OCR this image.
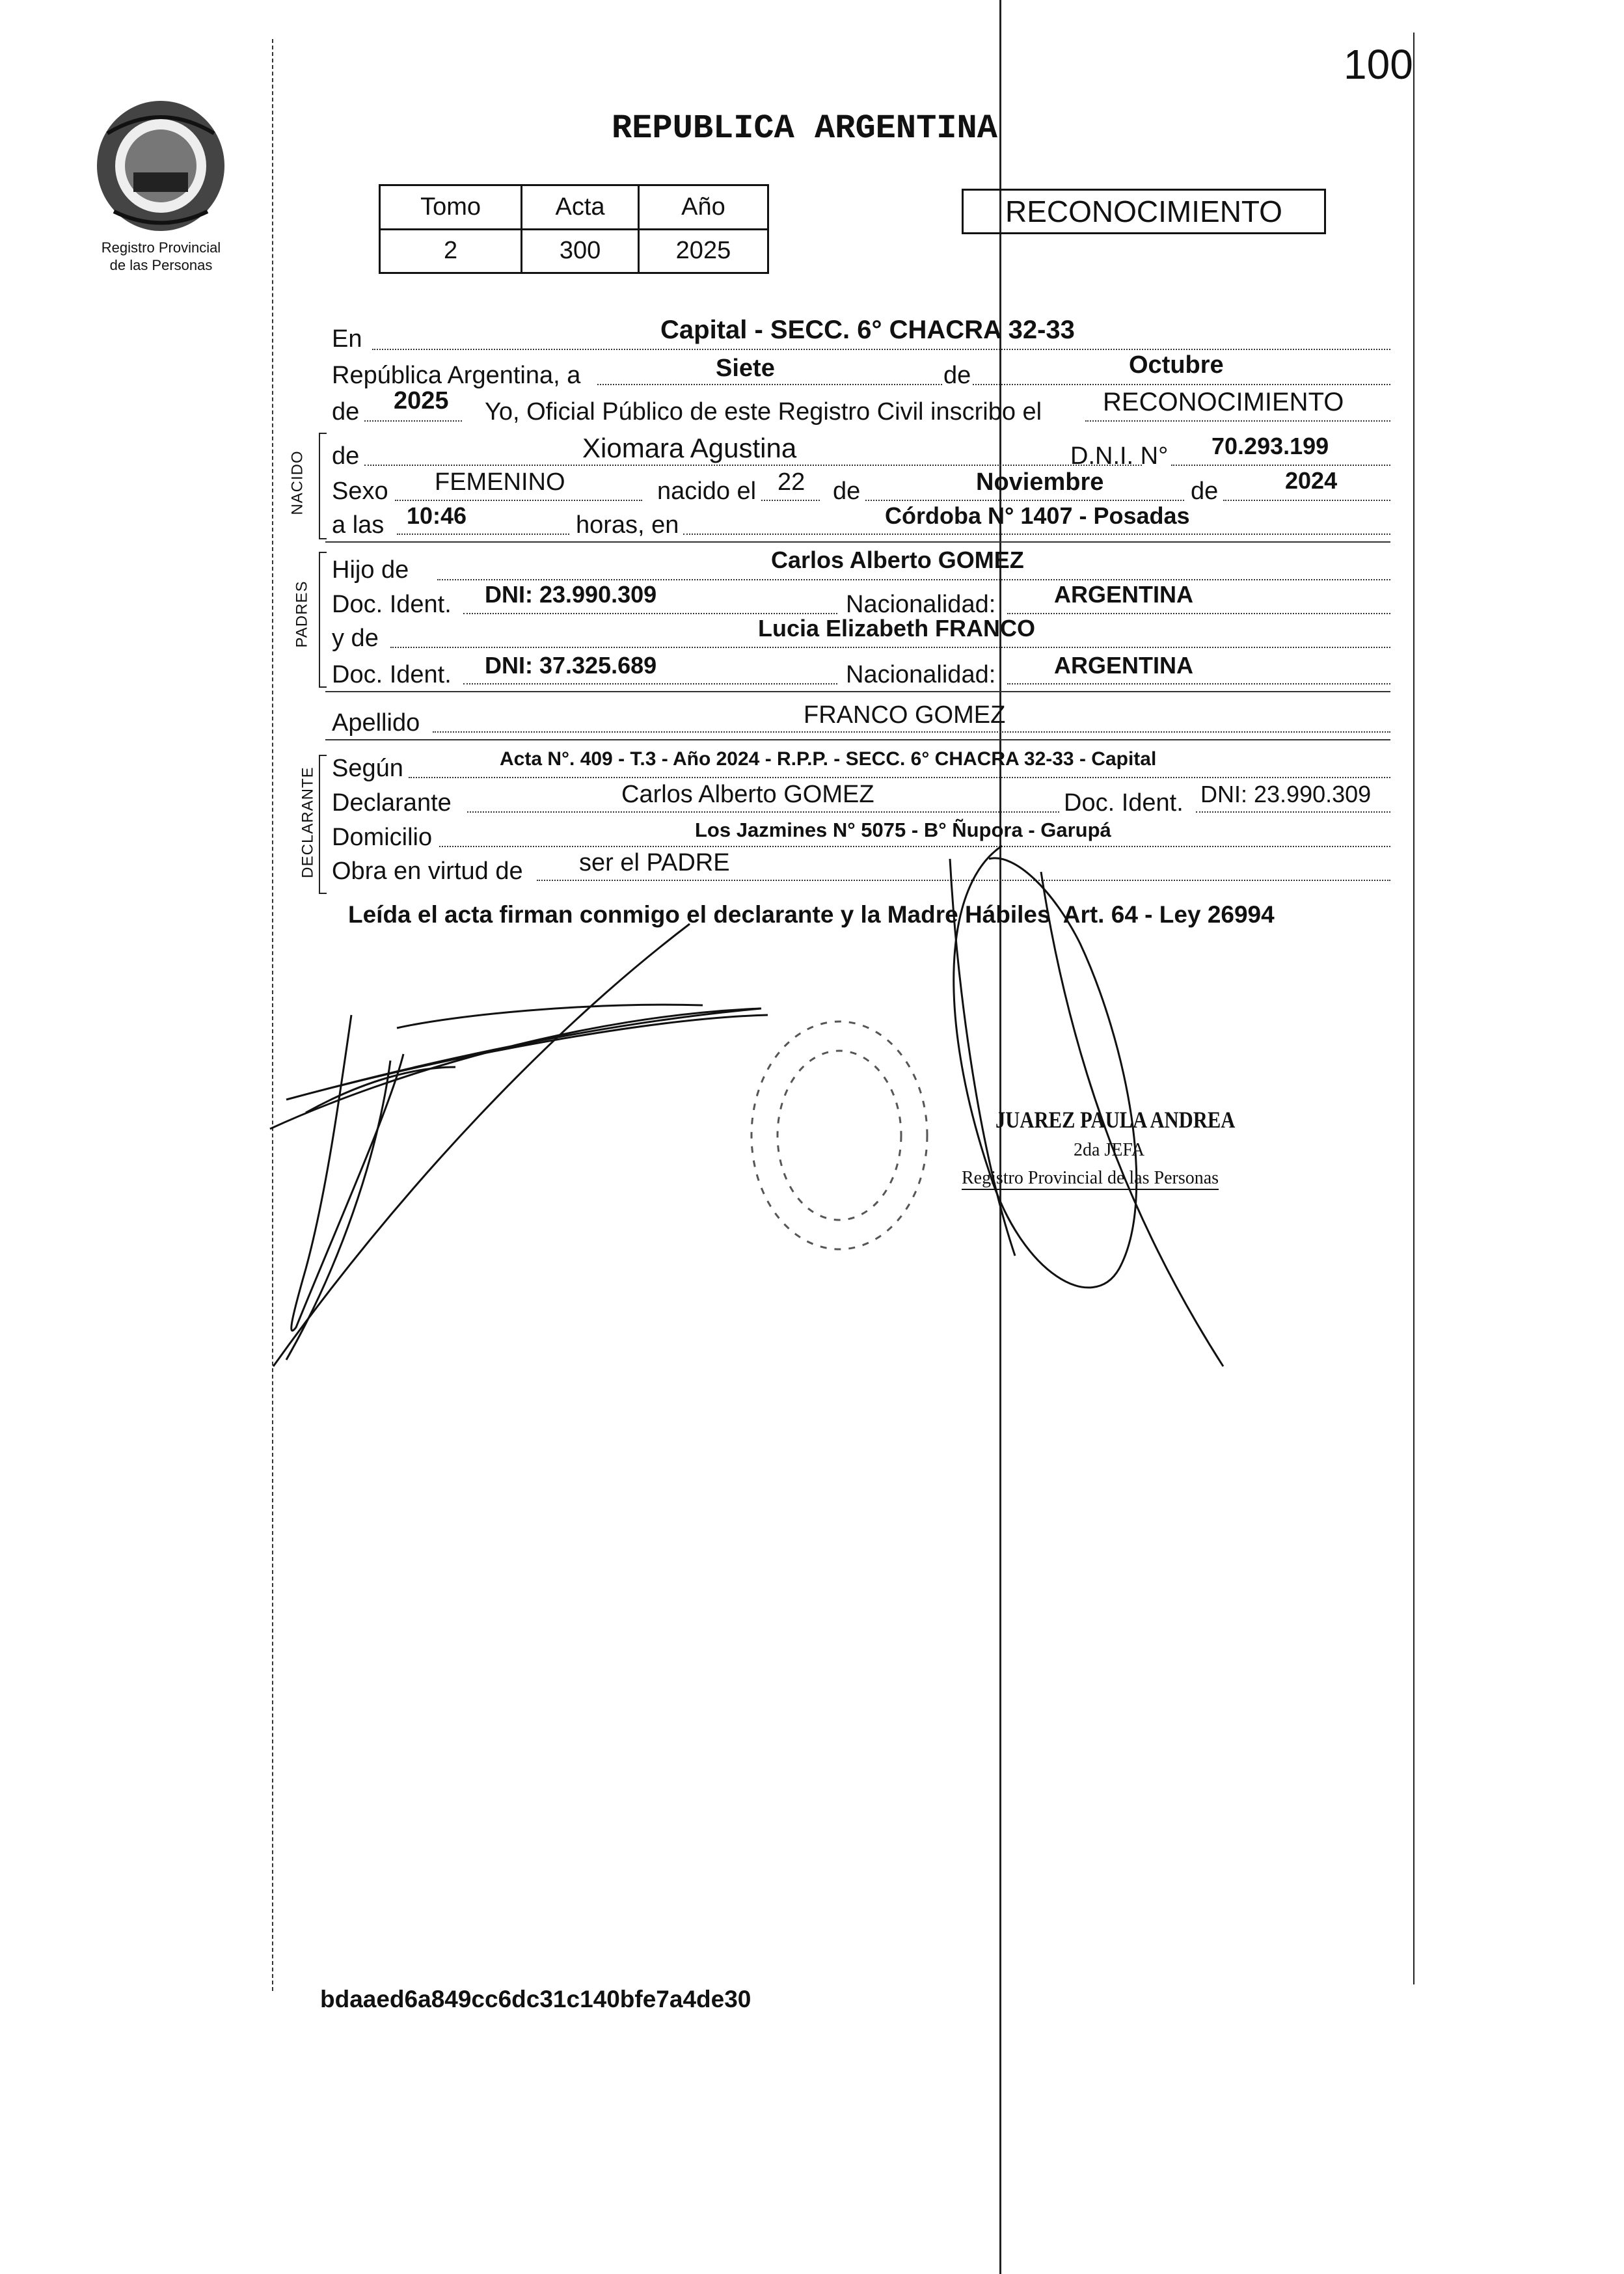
100
Registro Provincial
de las Personas
REPUBLICA ARGENTINA
Tomo	Acta	Año
2	300	2025
RECONOCIMIENTO
En	Capital - SECC. 6° CHACRA 32-33
República Argentina, a	Siete	de	Octubre
de 2025 Yo, Oficial Público de este Registro Civil inscribo el RECONOCIMIENTO
NACIDO de	Xiomara Agustina	D.N.I. N° 70.293.199
Sexo FEMENINO	nacido el 22 de	Noviembre	de	2024
a las 10:46	horas, en	Córdoba N° 1407 - Posadas
PADRES
Hijo de	Carlos Alberto GOMEZ
Doc. Ident. DNI: 23.990.309	Nacionalidad: ARGENTINA
y de	Lucia Elizabeth FRANCO
Doc. Ident. DNI: 37.325.689	Nacionalidad: ARGENTINA
Apellido	FRANCO GOMEZ
DECLARANTE Según	Acta N°. 409 - T.3 - Año 2024 - R.P.P. - SECC. 6° CHACRA 32-33 - Capital
Declarante	Carlos Alberto GOMEZ	Doc. Ident. DNI: 23.990.309
Domicilio	Los Jazmines N° 5075 - B° Ñupora - Garupá
Obra en virtud de ser el PADRE
Leída el acta firman conmigo el declarante y la Madre Hábiles  Art. 64 - Ley 26994
JUAREZ PAULA ANDREA
2da JEFA
Registro Provincial de las Personas
bdaaed6a849cc6dc31c140bfe7a4de30
